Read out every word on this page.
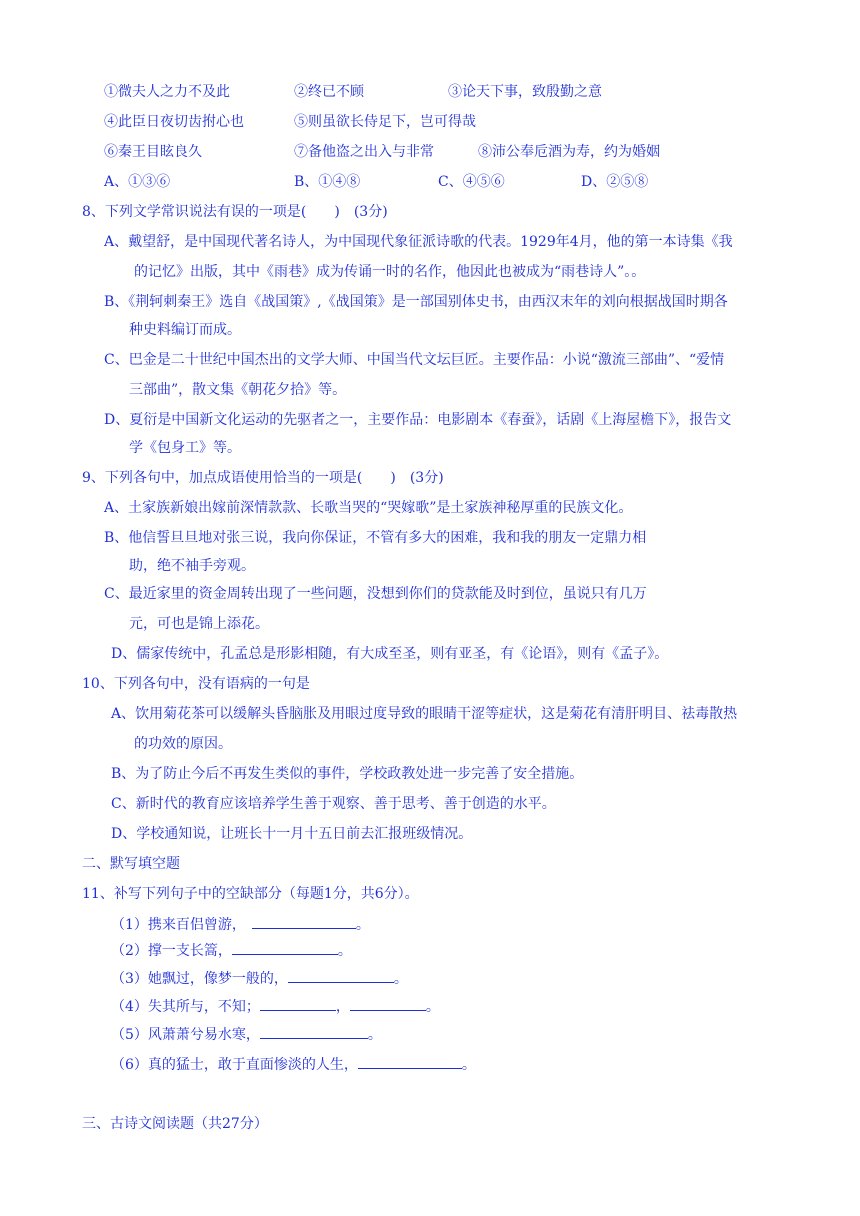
①微夫人之力不及此	②终已不顾	③论天下事，致殷勤之意
④此臣日夜切齿拊心也	⑤则虽欲长侍足下，岂可得哉
⑥秦王目眩良久	⑦备他盗之出入与非常	⑧沛公奉卮酒为寿，约为婚姻
A、①③⑥	B、①④⑧	C、④⑤⑥	D、②⑤⑧
8、下列文学常识说法有误的一项是(　　)　(3分)
A、戴望舒，是中国现代著名诗人，为中国现代象征派诗歌的代表。1929年4月，他的第一本诗集《我
的记忆》出版，其中《雨巷》成为传诵一时的名作，他因此也被成为“雨巷诗人”。。
B、《荆轲刺秦王》选自《战国策》,《战国策》是一部国别体史书，由西汉末年的刘向根据战国时期各
种史料编订而成。
C、巴金是二十世纪中国杰出的文学大师、中国当代文坛巨匠。主要作品：小说“激流三部曲”、“爱情
三部曲”，散文集《朝花夕拾》等。
D、夏衍是中国新文化运动的先驱者之一，主要作品：电影剧本《春蚕》，话剧《上海屋檐下》，报告文
学《包身工》等。
9、下列各句中，加点成语使用恰当的一项是(　　)　(3分)
A、土家族新娘出嫁前深情款款、长歌当哭的“哭嫁歌”是土家族神秘厚重的民族文化。
B、他信誓旦旦地对张三说，我向你保证，不管有多大的困难，我和我的朋友一定鼎力相
助，绝不袖手旁观。
C、最近家里的资金周转出现了一些问题，没想到你们的贷款能及时到位，虽说只有几万
元，可也是锦上添花。
D、儒家传统中，孔孟总是形影相随，有大成至圣，则有亚圣，有《论语》，则有《孟子》。
10、下列各句中，没有语病的一句是
A、饮用菊花茶可以缓解头昏脑胀及用眼过度导致的眼睛干涩等症状，这是菊花有清肝明目、祛毒散热
的功效的原因。
B、为了防止今后不再发生类似的事件，学校政教处进一步完善了安全措施。
C、新时代的教育应该培养学生善于观察、善于思考、善于创造的水平。
D、学校通知说，让班长十一月十五日前去汇报班级情况。
二、默写填空题
11、补写下列句子中的空缺部分（每题1分，共6分）。
（1）携来百侣曾游，	。
（2）撑一支长篙，	。
（3）她飘过，像梦一般的，	。
（4）失其所与，不知；	，	。
（5）风萧萧兮易水寒，	。
（6）真的猛士，敢于直面惨淡的人生，	。
三、古诗文阅读题（共27分）
